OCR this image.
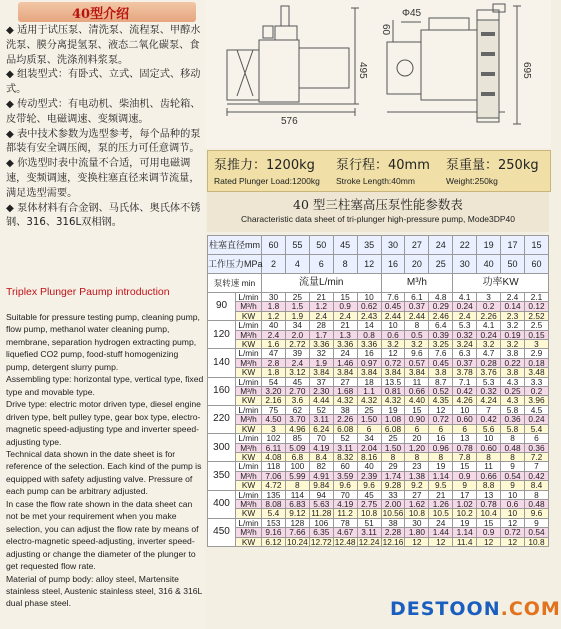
40型介绍

◆ 适用于试压泵、清洗泵、流程泵、甲醇水洗泵、膜分离提氢泵、液态二氧化碳泵、食品均质泵、洗涤剂料浆泵。

◆ 组装型式：有卧式、立式、固定式、移动式。

◆ 传动型式：有电动机、柴油机、齿轮箱、皮带轮、电磁调速、变频调速。

◆ 表中技术参数为选型参考，每个品种的泵都装有安全调压阀，泵的压力可任意调节。

◆ 你选型时表中流量不合适，可用电磁调速，变频调速，变换柱塞直径来调节流量，满足选型需要。

◆ 泵体材料有合金钢、马氏体、奥氏体不锈钢、316、316L双相钢。

Triplex Plunger Paump introduction

Suitable for pressure testing pump, cleaning pump, flow pump, methanol water cleaning pump, membrane, separation hydrogen extracting pump, liquefied CO2 pump, food-stuff homogenizing pump, detergent slurry pump.

Assembling type: horizontal type, vertical type, fixed type and movable type.

Drive type: electric motor driven type, diesel engine driven type, belt pulley type, gear box type, electro-magnetic speed-adjusting type and inverter speed-adjusting type.

Technical data shown in the date sheet is for reference of the selection. Each kind of the pump is equipped with safety adjusting valve. Pressure of each pump can be arbitrary adjusted.

In case the flow rate shown in the data sheet can not be met your requirement when you make selection, you can adjust the flow rate by means of electro-magnetic speed-adjusting, inverter speed-adjusting or change the diameter of the plunger to get requested flow rate.

Material of pump body: alloy steel, Martensite stainless steel, Austenic stainless steel, 316 & 316L dual phase steel.

495
576
Φ45
60
695
泵推力：1200kg
Rated Plunger Load:1200kg
泵行程：40mm
Stroke Length:40mm
泵重量：250kg
Weight:250kg
40 型三柱塞高压泵性能参数表
Characteristic data sheet of tri-plunger high-pressure pump, Mode3DP40
柱塞直径mm		60	55	50	45	35	30	27	24	22	19	17	15
工作压力MPa		2	4	6	8	12	16	20	25	30	40	50	60
泵转速 min		流量L/min					M³/h			功率KW			
90	L/min	30	25	21	15	10	7.6	6.1	4.8	4.1	3	2.4	2.1
	M³/h	1.8	1.5	1.2	0.9	0.62	0.45	0.37	0.29	0.24	0.2	0.14	0.12
	KW	1.2	1.9	2.4	2.4	2.43	2.44	2.44	2.46	2.4	2.26	2.3	2.52
120	L/min	40	34	28	21	14	10	8	6.4	5.3	4.1	3.2	2.5
	M³/h	2.4	2.0	1.7	1.3	0.8	0.6	0.5	0.39	0.32	0.24	0.19	0.15
	KW	1.6	2.72	3.36	3.36	3.36	3.2	3.2	3.25	3.24	3.2	3.2	3
140	L/min	47	39	32	24	16	12	9.6	7.6	6.3	4.7	3.8	2.9
	M³/h	2.8	2.4	1.9	1.46	0.97	0.72	0.57	0.45	0.37	0.28	0.22	0.18
	KW	1.8	3.12	3.84	3.84	3.84	3.84	3.84	3.8	3.78	3.76	3.8	3.48
160	L/min	54	45	37	27	18	13.5	11	8.7	7.1	5.3	4.3	3.3
	M³/h	3.20	2.70	2.30	1.68	1.1	0.81	0.66	0.52	0.42	0.32	0.25	0.2
	KW	2.16	3.6	4.44	4.32	4.32	4.32	4.40	4.35	4.26	4.24	4.3	3.96
220	L/min	75	62	52	38	25	19	15	12	10	7	5.8	4.5
	M³/h	4.50	3.70	3.11	2.26	1.50	1.08	0.90	0.72	0.60	0.42	0.36	0.24
	KW	3	4.96	6.24	6.08	6	6.08	6	6	6	5.6	5.8	5.4
300	L/min	102	85	70	52	34	25	20	16	13	10	8	6
	M³/h	6.11	5.09	4.19	3.11	2.04	1.50	1.20	0.96	0.78	0.60	0.48	0.36
	KW	4.08	6.8	8.4	8.32	8.16	8	8	8	7.8	8	8	7.2
350	L/min	118	100	82	60	40	29	23	19	15	11	9	7
	M³/h	7.06	5.99	4.91	3.59	2.39	1.74	1.38	1.14	0.9	0.66	0.54	0.42
	KW	4.72	8	9.84	9.6	9.6	9.28	9.2	9.5	9	8.8	9	8.4
400	L/min	135	114	94	70	45	33	27	21	17	13	10	8
	M³/h	8.08	6.83	5.63	4.19	2.75	2.00	1.62	1.26	1.02	0.78	0.6	0.48
	KW	5.4	9.12	11.28	11.2	10.8	10.56	10.8	10.5	10.2	10.4	10	9.6
450	L/min	153	128	106	78	51	38	30	24	19	15	12	9
	M³/h	9.16	7.66	6.35	4.67	3.11	2.28	1.80	1.44	1.14	0.9	0.72	0.54
	KW	6.12	10.24	12.72	12.48	12.24	12.16	12	12	11.4	12	12	10.8
DESTOON.COM
